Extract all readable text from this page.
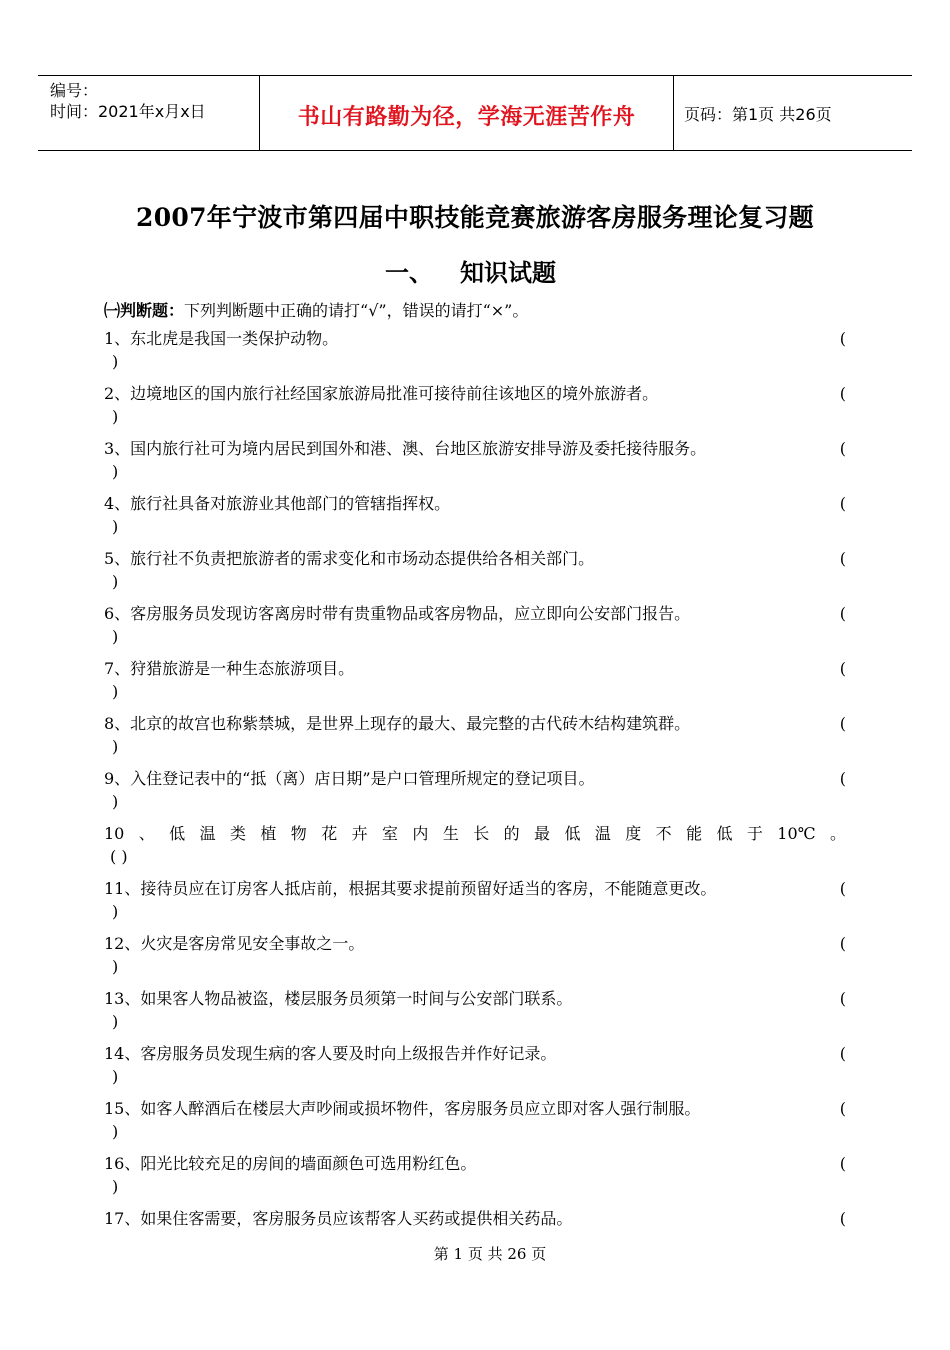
编号：
时间：2021年x月x日	书山有路勤为径，学海无涯苦作舟	页码：第1页 共26页
2007年宁波市第四届中职技能竞赛旅游客房服务理论复习题
一、 知识试题
㈠判断题：下列判断题中正确的请打“√”，错误的请打“×”。
1、东北虎是我国一类保护动物。	(
)
2、边境地区的国内旅行社经国家旅游局批准可接待前往该地区的境外旅游者。	(
)
3、国内旅行社可为境内居民到国外和港、澳、台地区旅游安排导游及委托接待服务。	(
)
4、旅行社具备对旅游业其他部门的管辖指挥权。	(
)
5、旅行社不负责把旅游者的需求变化和市场动态提供给各相关部门。	(
)
6、客房服务员发现访客离房时带有贵重物品或客房物品，应立即向公安部门报告。	(
)
7、狩猎旅游是一种生态旅游项目。	(
)
8、北京的故宫也称紫禁城，是世界上现存的最大、最完整的古代砖木结构建筑群。	(
)
9、入住登记表中的“抵（离）店日期”是户口管理所规定的登记项目。	(
)
10 、 低 温 类 植 物 花 卉 室 内 生 长 的 最 低 温 度 不 能 低 于 10℃ 。
( )
11、接待员应在订房客人抵店前，根据其要求提前预留好适当的客房，不能随意更改。	(
)
12、火灾是客房常见安全事故之一。	(
)
13、如果客人物品被盗，楼层服务员须第一时间与公安部门联系。	(
)
14、客房服务员发现生病的客人要及时向上级报告并作好记录。	(
)
15、如客人醉酒后在楼层大声吵闹或损坏物件，客房服务员应立即对客人强行制服。	(
)
16、阳光比较充足的房间的墙面颜色可选用粉红色。	(
)
17、如果住客需要，客房服务员应该帮客人买药或提供相关药品。	(
第 1 页 共 26 页
